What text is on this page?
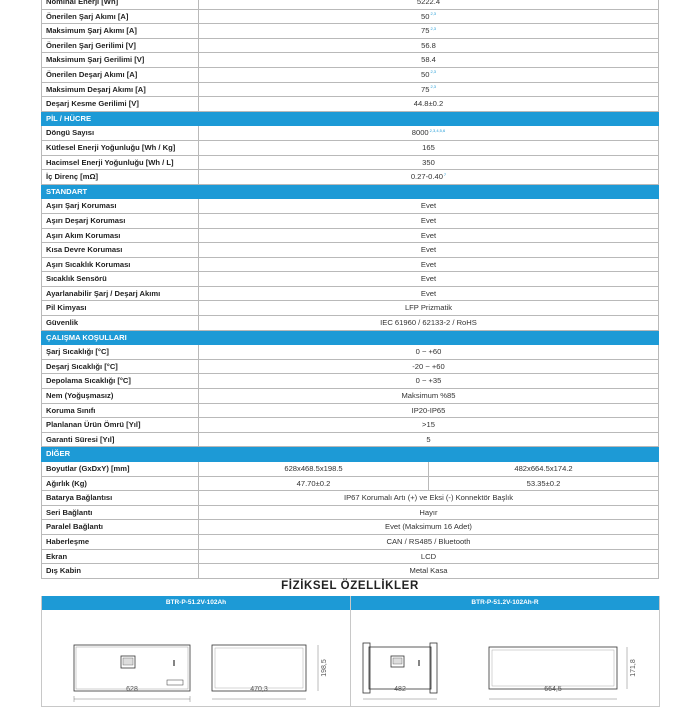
Nominal Enerji [Wh]	5222.4	
Önerilen Şarj Akımı [A]	50$^{2,3}$
Maksimum Şarj Akımı [A]	75$^{2,3}$
Önerilen Şarj Gerilimi [V]	56.8	
Maksimum Şarj Gerilimi [V]	58.4	
Önerilen Deşarj Akımı [A]	50$^{2,3}$
Maksimum Deşarj Akımı [A]	75$^{2,3}$
Deşarj Kesme Gerilimi [V]	44.8±0.2	
PİL / HÜCRE		
Döngü Sayısı	8000$^{2,3,4,5,6}$
Kütlesel Enerji Yoğunluğu [Wh / Kg]	165	
Hacimsel Enerji Yoğunluğu [Wh / L]	350	
İç Direnç [mΩ]	0.27-0.40$^7$
STANDART		
Aşırı Şarj Koruması	Evet	
Aşırı Deşarj Koruması	Evet	
Aşırı Akım Koruması	Evet	
Kısa Devre Koruması	Evet	
Aşırı Sıcaklık Koruması	Evet	
Sıcaklık Sensörü	Evet	
Ayarlanabilir Şarj / Deşarj Akımı	Evet	
Pil Kimyası	LFP Prizmatik	
Güvenlik	IEC 61960 / 62133-2 / RoHS	
ÇALIŞMA KOŞULLARI		
Şarj Sıcaklığı [°C]	0 ~ +60	
Deşarj Sıcaklığı [°C]	-20 ~ +60	
Depolama Sıcaklığı [°C]	0 ~ +35	
Nem (Yoğuşmasız)	Maksimum %85	
Koruma Sınıfı	IP20-IP65	
Planlanan Ürün Ömrü [Yıl]	>15	
Garanti Süresi [Yıl]	5	
DİĞER		
Boyutlar (GxDxY) [mm]	628x468.5x198.5	482x664.5x174.2
Ağırlık (Kg)	47.70±0.2	53.35±0.2
Batarya Bağlantısı	IP67 Korumalı Artı (+) ve Eksi (-) Konnektör Başlık	
Seri Bağlantı	Hayır	
Paralel Bağlantı	Evet (Maksimum 16 Adet)	
Haberleşme	CAN / RS485 / Bluetooth	
Ekran	LCD	
Dış Kabin	Metal Kasa	
FİZİKSEL ÖZELLİKLER
BTR-P-51.2V-102Ah
628	470,3
198,5
BTR-P-51.2V-102Ah-R
482	664,5
171,8
